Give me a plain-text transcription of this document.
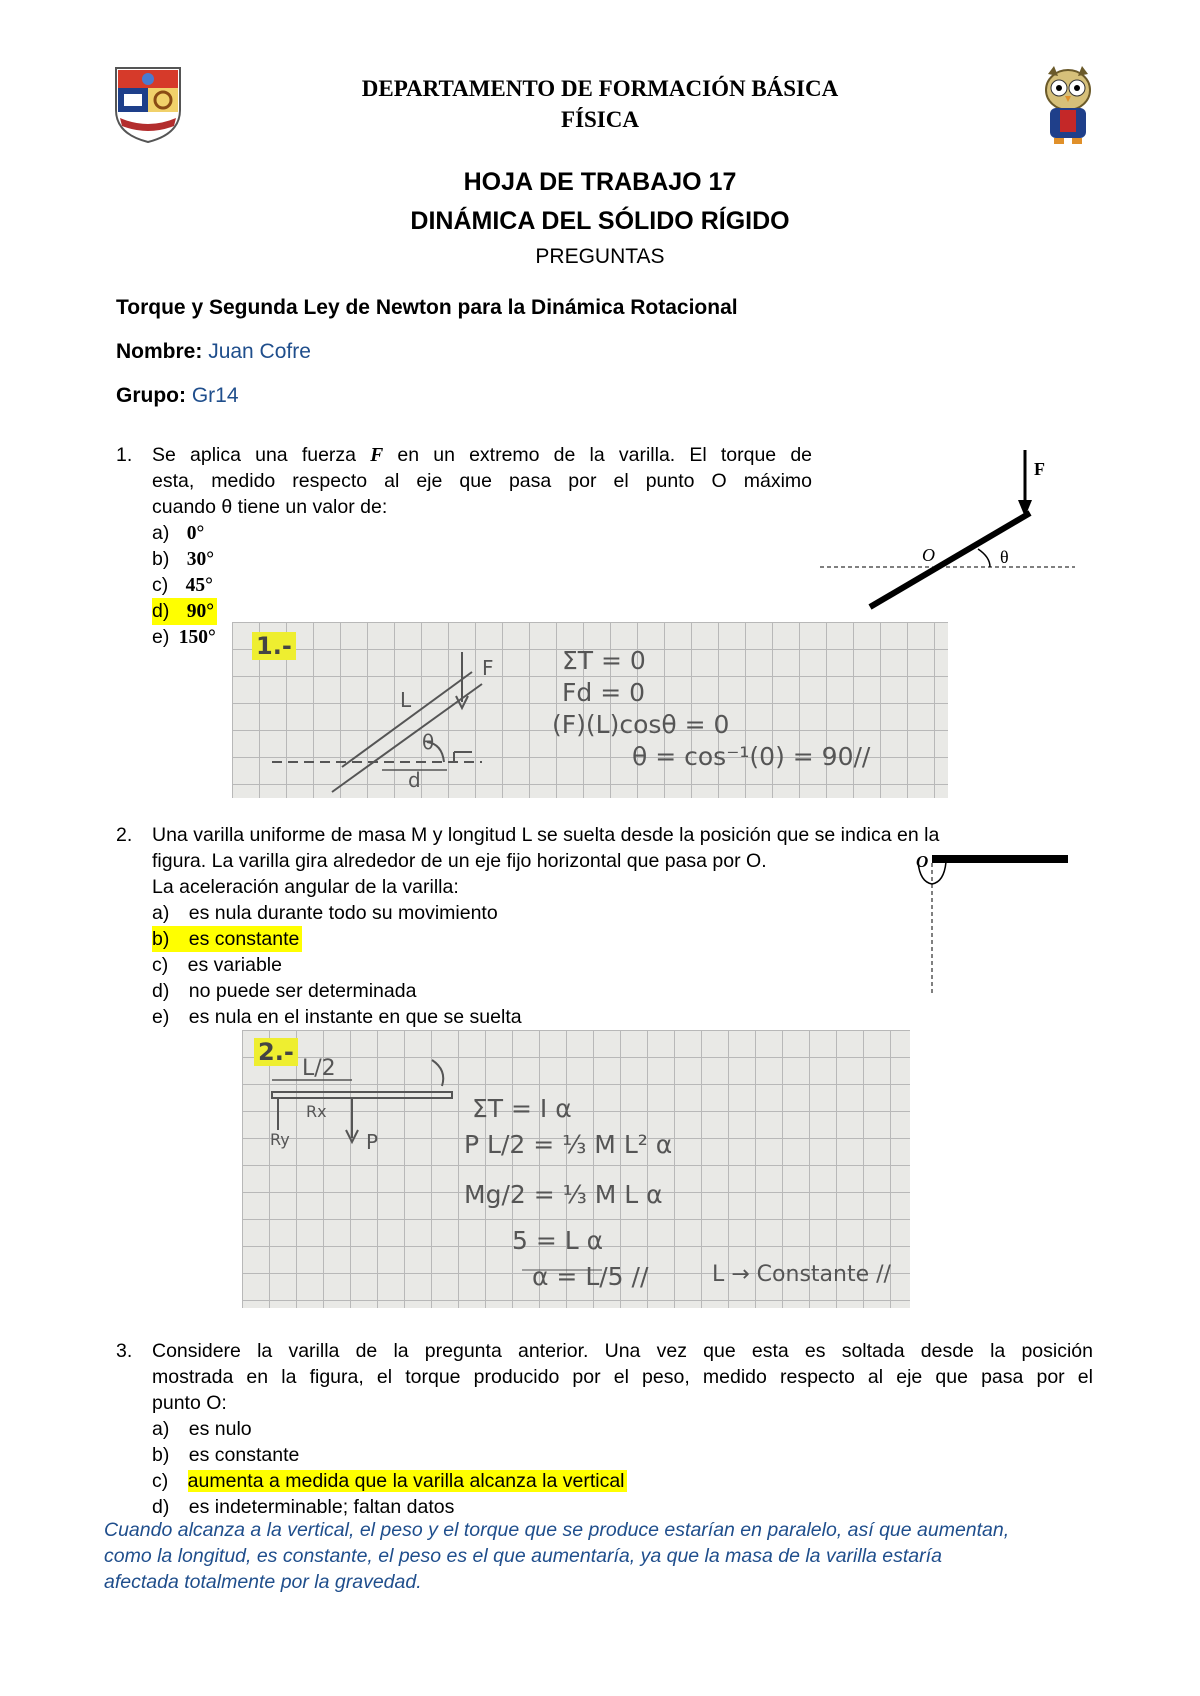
DEPARTAMENTO DE FORMACIÓN BÁSICA
FÍSICA
HOJA DE TRABAJO 17
DINÁMICA DEL SÓLIDO RÍGIDO
PREGUNTAS
Torque y Segunda Ley de Newton para la Dinámica Rotacional
Nombre: Juan Cofre
Grupo: Gr14
1. Se aplica una fuerza F en un extremo de la varilla. El torque de
esta, medido respecto al eje que pasa por el punto O máximo
cuando θ tiene un valor de:
a) 0°
b) 30°
c) 45°
d) 90°
e) 150°
F
O	θ
1.-
F
L
θ
d
ΣT = 0
Fd = 0
(F)(L)cosθ = 0
θ = cos⁻¹(0) = 90//
2. Una varilla uniforme de masa M y longitud L se suelta desde la posición que se indica en la
figura. La varilla gira alrededor de un eje fijo horizontal que pasa por O.
La aceleración angular de la varilla:
a) es nula durante todo su movimiento
b) es constante
c) es variable
d) no puede ser determinada
e) es nula en el instante en que se suelta
O
2.-
L/2
Rx
Ry	P
ΣT = I α
P L/2 = ⅓ M L² α
Mg/2 = ⅓ M L α
5 = L α
α = L/5 //	L → Constante //
3. Considere la varilla de la pregunta anterior. Una vez que esta es soltada desde la posición
mostrada en la figura, el torque producido por el peso, medido respecto al eje que pasa por el
punto O:
a) es nulo
b) es constante
c) aumenta a medida que la varilla alcanza la vertical
d) es indeterminable; faltan datos
Cuando alcanza a la vertical, el peso y el torque que se produce estarían en paralelo, así que aumentan,
como la longitud, es constante, el peso es el que aumentaría, ya que la masa de la varilla estaría
afectada totalmente por la gravedad.
